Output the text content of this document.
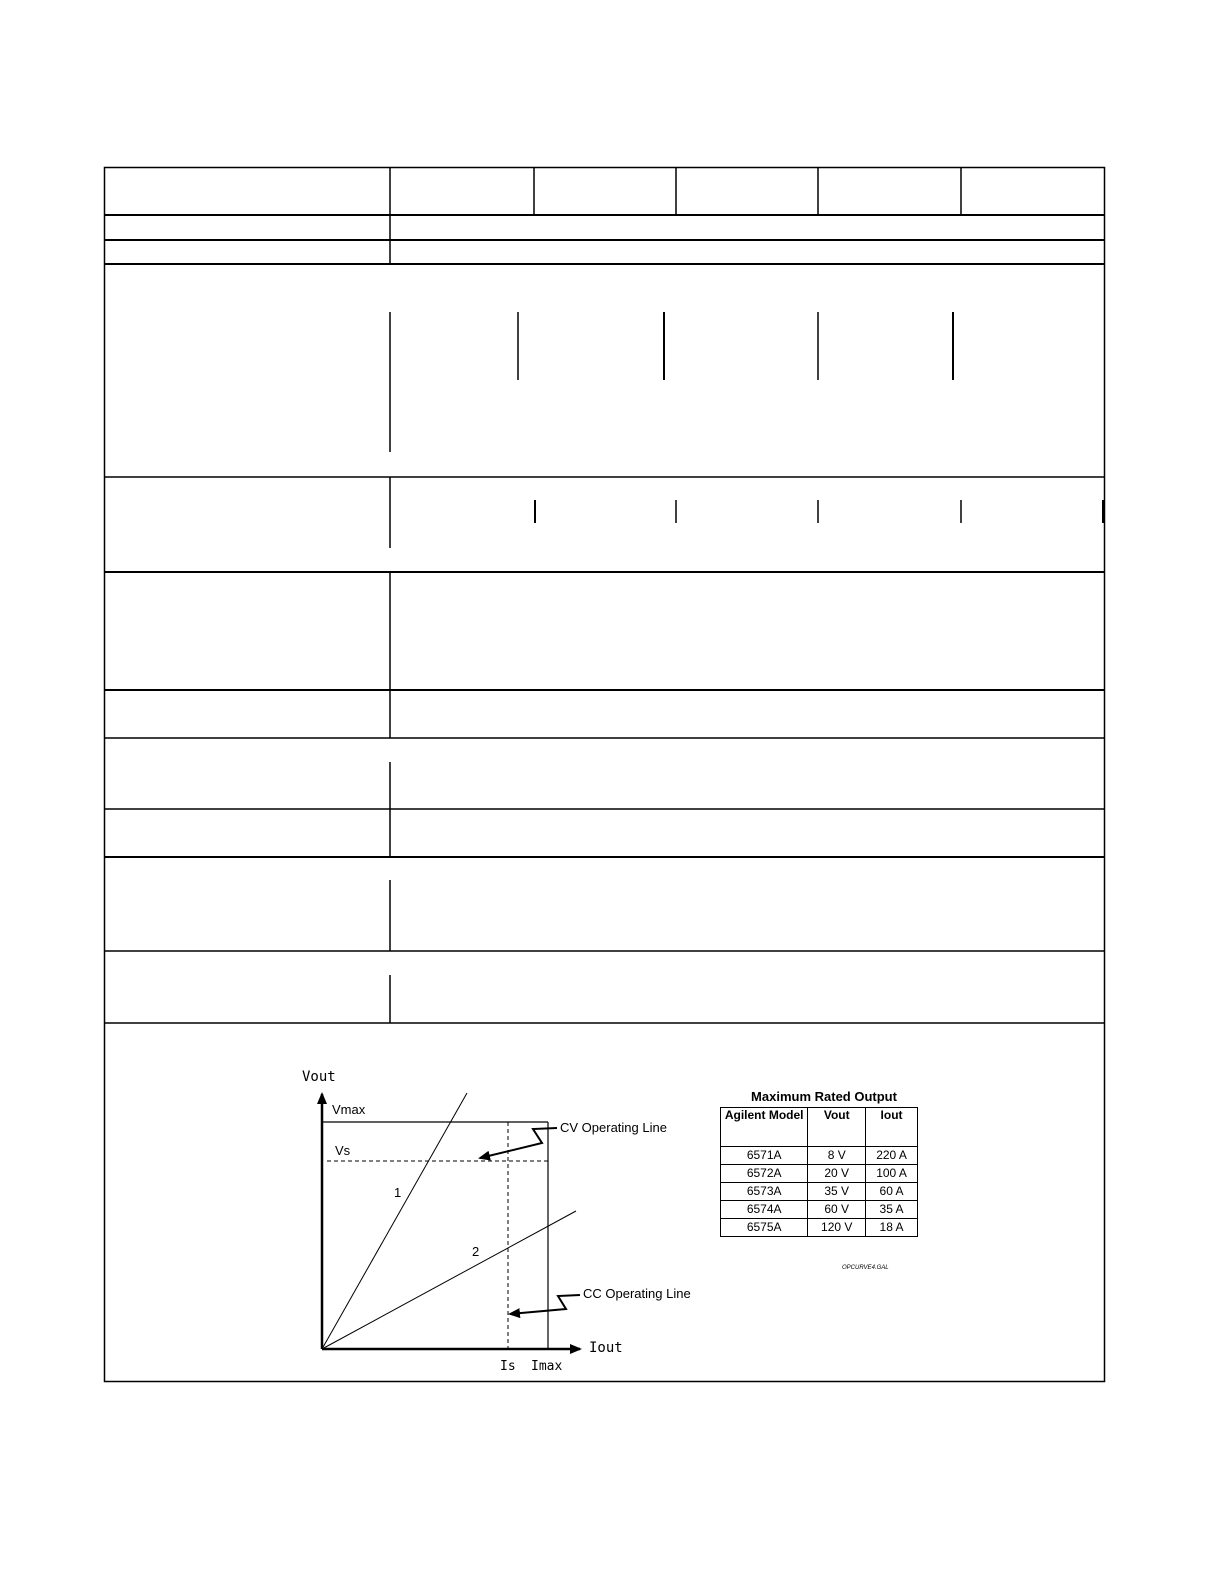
Vout
Iout
Vmax
Vs
Is Imax
1
2
CV Operating Line
CC Operating Line
OPCURVE4.GAL
Maximum Rated Output
Agilent Model	Vout	Iout
6571A	8 V	220 A
6572A	20 V	100 A
6573A	35 V	60 A
6574A	60 V	35 A
6575A	120 V	18 A
